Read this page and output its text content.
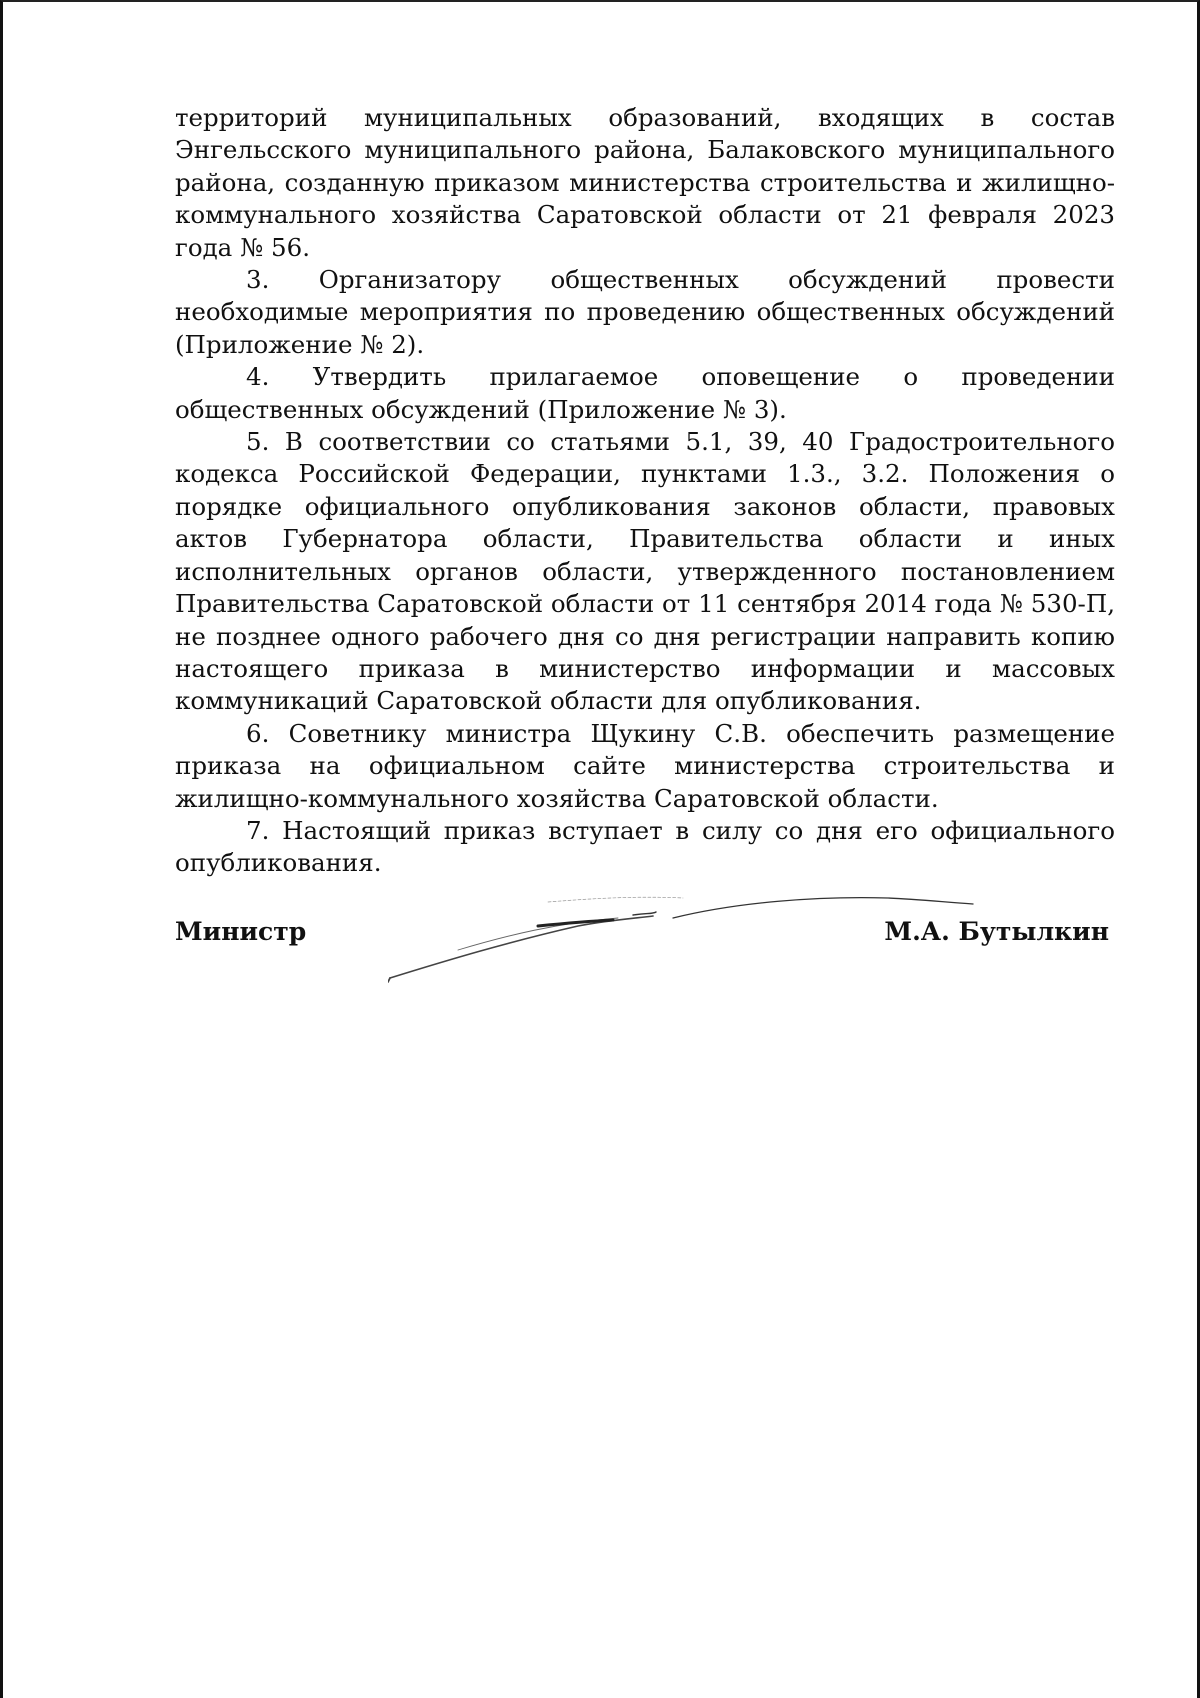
территорий муниципальных образований, входящих в состав Энгельсского муниципального района, Балаковского муниципального района, созданную приказом министерства строительства и жилищно-коммунального хозяйства Саратовской области от 21 февраля 2023 года № 56.

3. Организатору общественных обсуждений провести необходимые мероприятия по проведению общественных обсуждений (Приложение № 2).

4. Утвердить прилагаемое оповещение о проведении общественных обсуждений (Приложение № 3).

5. В соответствии со статьями 5.1, 39, 40 Градостроительного кодекса Российской Федерации, пунктами 1.3., 3.2. Положения о порядке официального опубликования законов области, правовых актов Губернатора области, Правительства области и иных исполнительных органов области, утвержденного постановлением Правительства Саратовской области от 11 сентября 2014 года № 530-П, не позднее одного рабочего дня со дня регистрации направить копию настоящего приказа в министерство информации и массовых коммуникаций Саратовской области для опубликования.

6. Советнику министра Щукину С.В. обеспечить размещение приказа на официальном сайте министерства строительства и жилищно-коммунального хозяйства Саратовской области.

7. Настоящий приказ вступает в силу со дня его официального опубликования.

Министр	М.А. Бутылкин
